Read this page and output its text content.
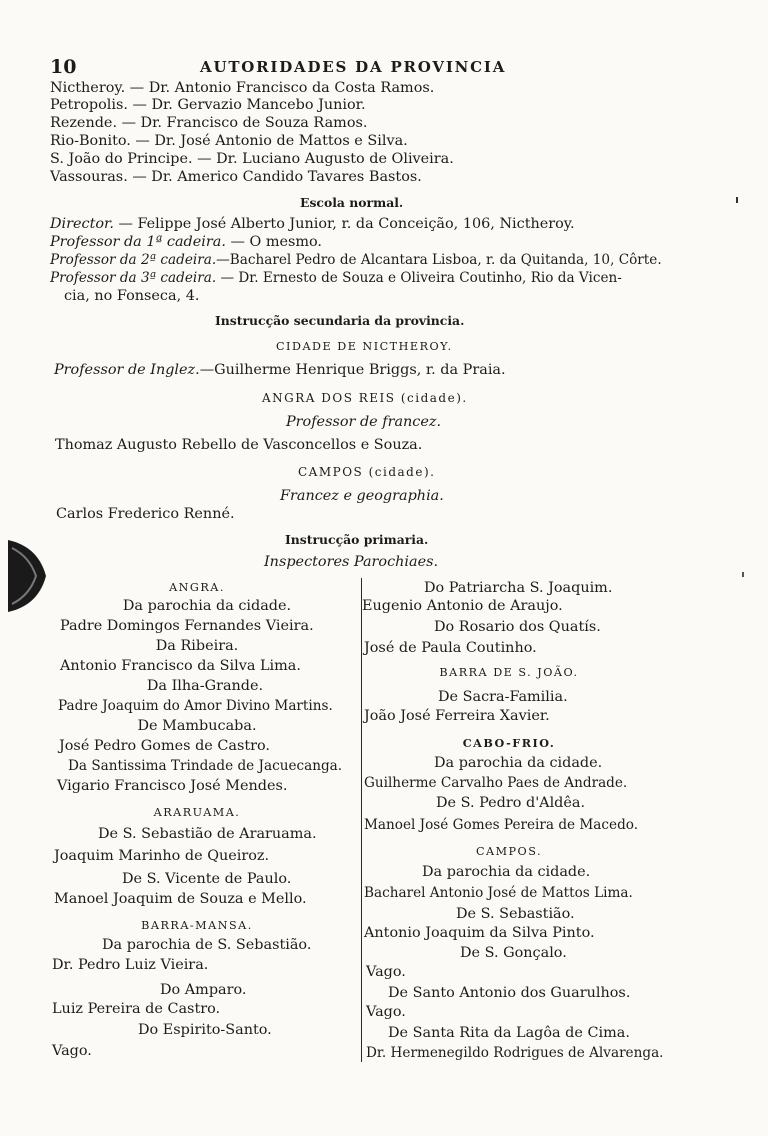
10	AUTORIDADES DA PROVINCIA
Nictheroy. — Dr. Antonio Francisco da Costa Ramos.
Petropolis. — Dr. Gervazio Mancebo Junior.
Rezende. — Dr. Francisco de Souza Ramos.
Rio-Bonito. — Dr. José Antonio de Mattos e Silva.
S. João do Principe. — Dr. Luciano Augusto de Oliveira.
Vassouras. — Dr. Americo Candido Tavares Bastos.
Escola normal.
Director. — Felippe José Alberto Junior, r. da Conceição, 106, Nictheroy.
Professor da 1ª cadeira. — O mesmo.
Professor da 2ª cadeira.—Bacharel Pedro de Alcantara Lisboa, r. da Quitanda, 10, Côrte.
Professor da 3ª cadeira. — Dr. Ernesto de Souza e Oliveira Coutinho, Rio da Vicen-
cia, no Fonseca, 4.
Instrucção secundaria da provincia.
CIDADE DE NICTHEROY.
Professor de Inglez.—Guilherme Henrique Briggs, r. da Praia.
ANGRA DOS REIS (cidade).
Professor de francez.
Thomaz Augusto Rebello de Vasconcellos e Souza.
CAMPOS (cidade).
Francez e geographia.
Carlos Frederico Renné.
Instrucção primaria.
Inspectores Parochiaes.
ANGRA.
Da parochia da cidade.
Padre Domingos Fernandes Vieira.
Da Ribeira.
Antonio Francisco da Silva Lima.
Da Ilha-Grande.
Padre Joaquim do Amor Divino Martins.
De Mambucaba.
José Pedro Gomes de Castro.
Da Santissima Trindade de Jacuecanga.
Vigario Francisco José Mendes.
ARARUAMA.
De S. Sebastião de Araruama.
Joaquim Marinho de Queiroz.
De S. Vicente de Paulo.
Manoel Joaquim de Souza e Mello.
BARRA-MANSA.
Da parochia de S. Sebastião.
Dr. Pedro Luiz Vieira.
Do Amparo.
Luiz Pereira de Castro.
Do Espirito-Santo.
Vago.
Do Patriarcha S. Joaquim.
Eugenio Antonio de Araujo.
Do Rosario dos Quatís.
José de Paula Coutinho.
BARRA DE S. JOÃO.
De Sacra-Familia.
João José Ferreira Xavier.
CABO-FRIO.
Da parochia da cidade.
Guilherme Carvalho Paes de Andrade.
De S. Pedro d'Aldêa.
Manoel José Gomes Pereira de Macedo.
CAMPOS.
Da parochia da cidade.
Bacharel Antonio José de Mattos Lima.
De S. Sebastião.
Antonio Joaquim da Silva Pinto.
De S. Gonçalo.
Vago.
De Santo Antonio dos Guarulhos.
Vago.
De Santa Rita da Lagôa de Cima.
Dr. Hermenegildo Rodrigues de Alvarenga.
